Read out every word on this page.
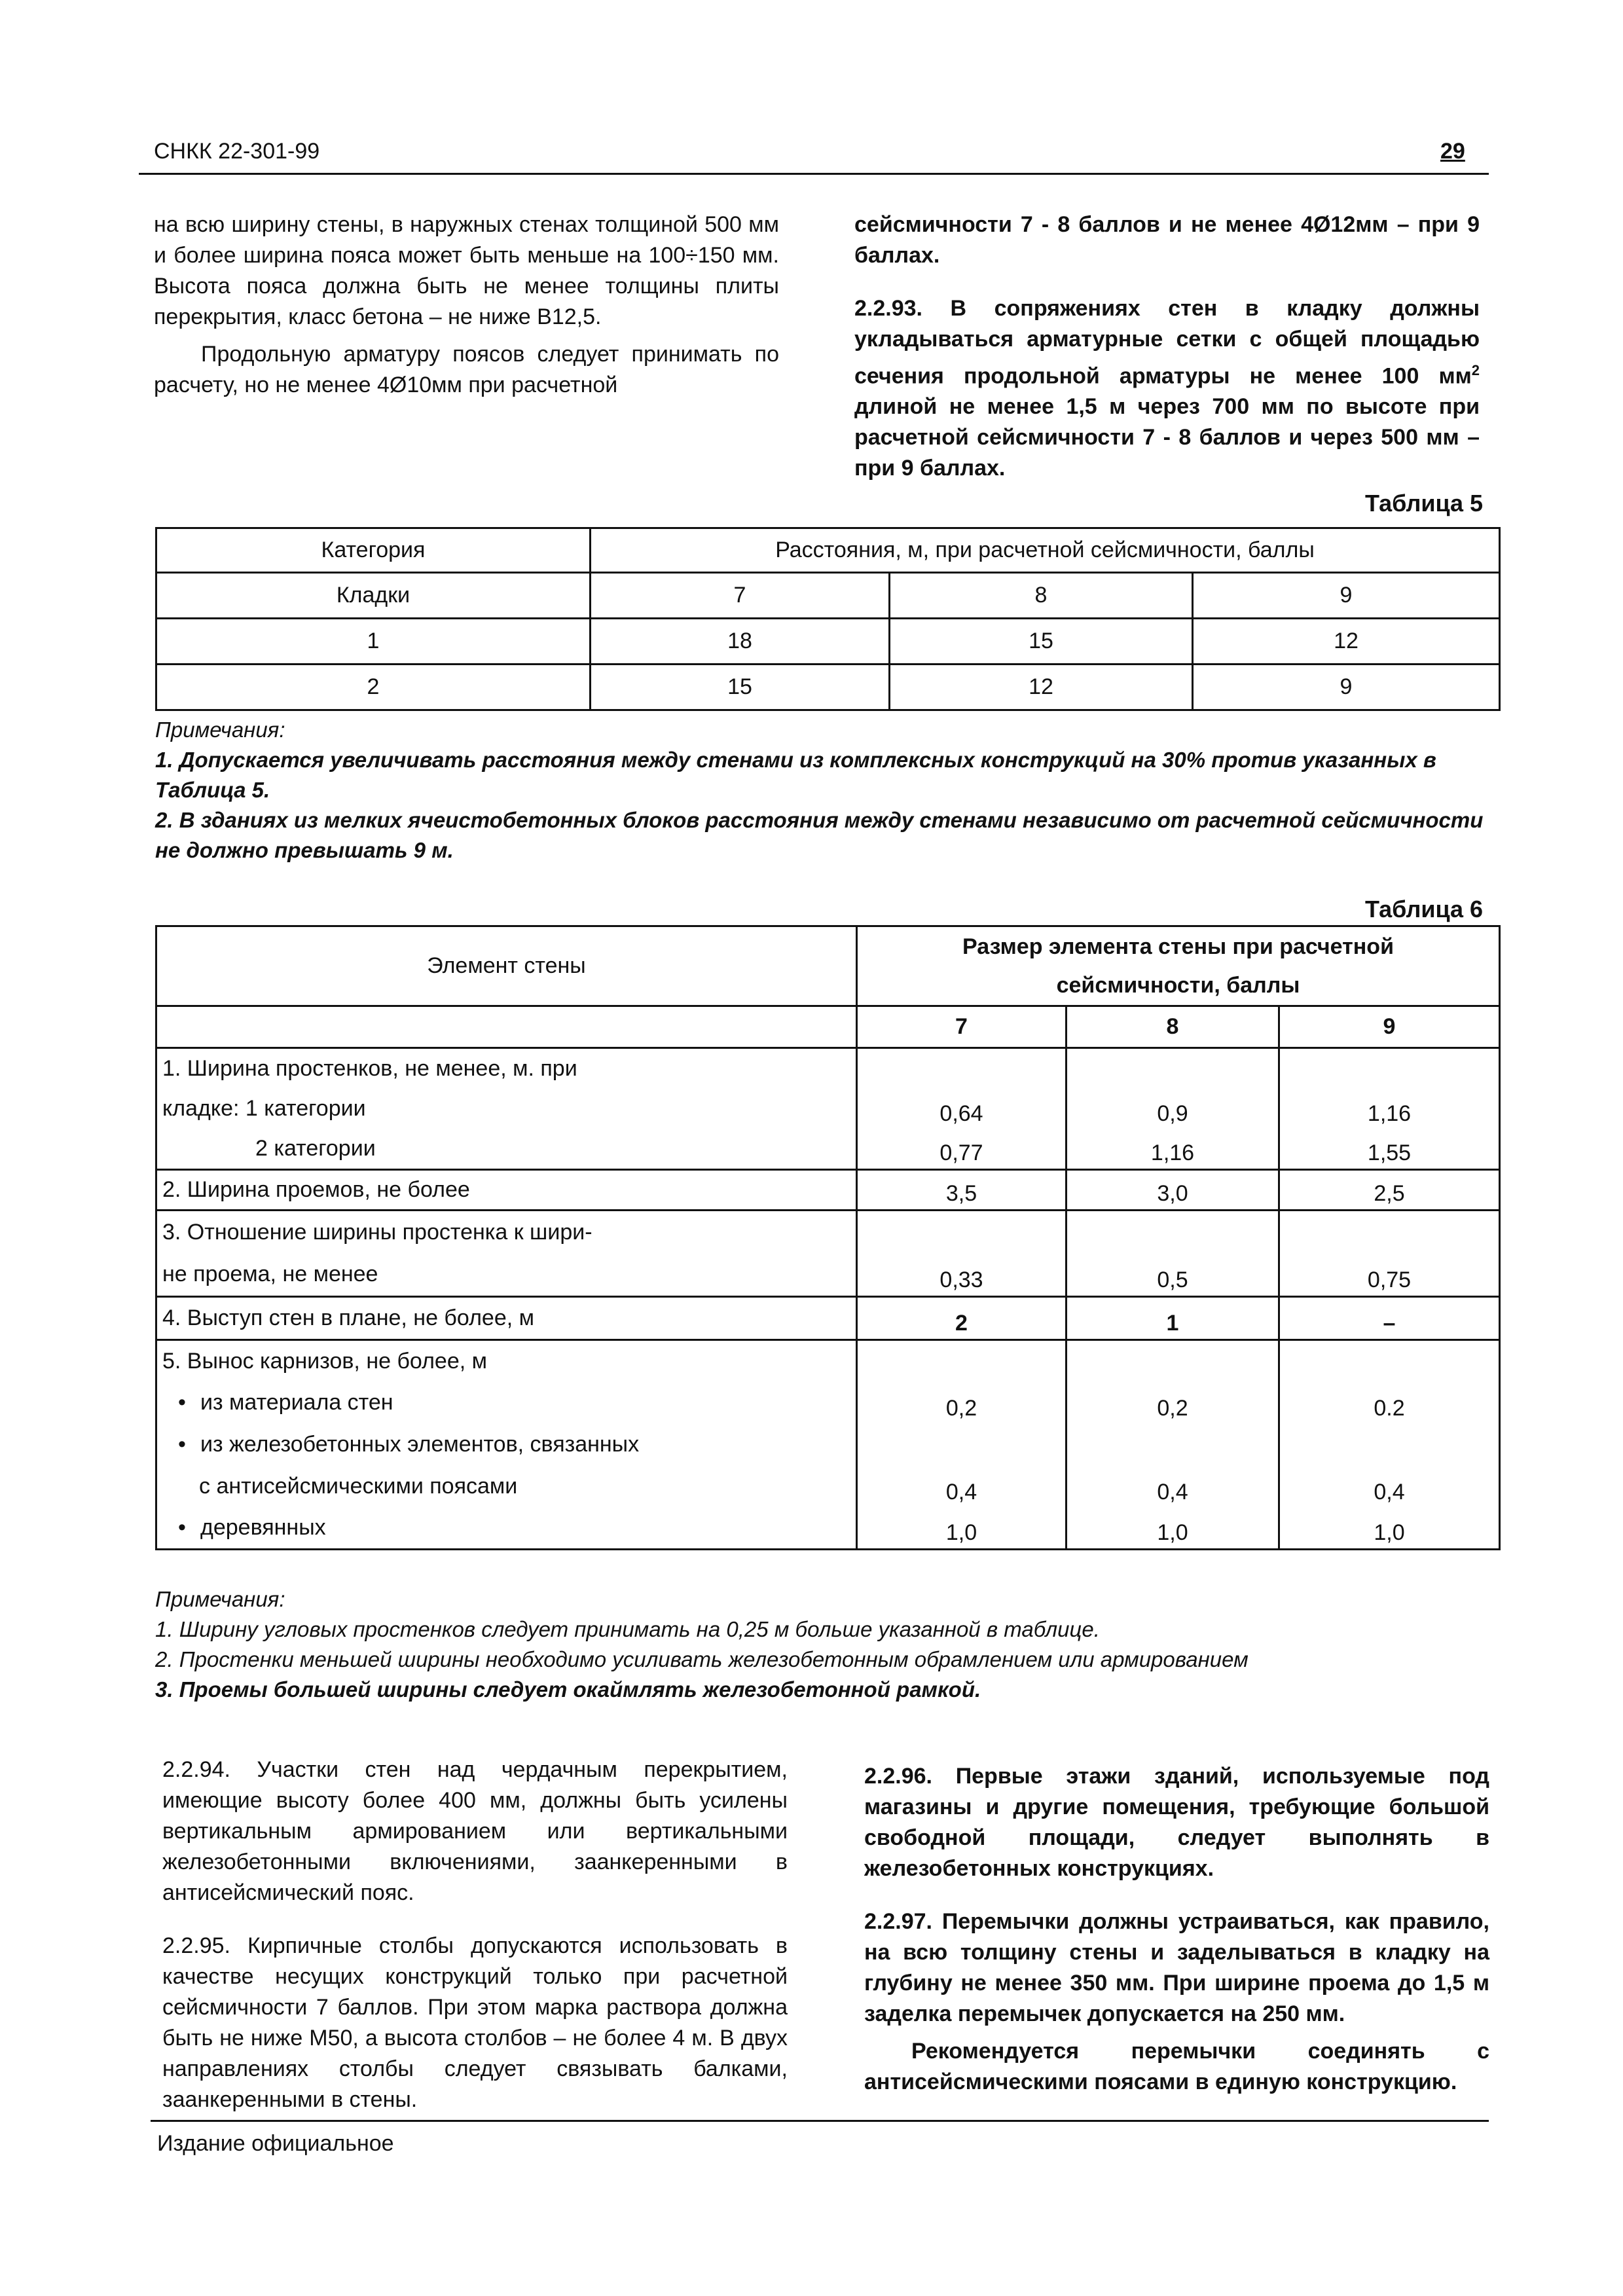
СНКК 22-301-99	29

на всю ширину стены, в наружных стенах толщиной 500 мм и более ширина пояса может быть меньше на 100÷150 мм. Высота пояса должна быть не менее толщины плиты перекрытия, класс бетона – не ниже В12,5.

Продольную арматуру поясов следует принимать по расчету, но не менее 4Ø10мм при расчетной

сейсмичности 7 - 8 баллов и не менее 4Ø12мм – при 9 баллах.

2.2.93. В сопряжениях стен в кладку должны укладываться арматурные сетки с общей площадью сечения продольной арматуры не менее 100 $мм^2$ длиной не менее 1,5 м через 700 мм по высоте при расчетной сейсмичности 7 - 8 баллов и через 500 мм – при 9 баллах.

Таблица 5
Категория	Расстояния, м, при расчетной сейсмичности, баллы		
Кладки	7	8	9
1	18	15	12
2	15	12	9
Примечания:
1. Допускается увеличивать расстояния между стенами из комплексных конструкций на 30% против указанных в Таблица 5.
2. В зданиях из мелких ячеистобетонных блоков расстояния между стенами независимо от расчетной сейсмичности не должно превышать 9 м.
Таблица 6
Элемент стены	Размер элемента стены при расчетной		
	сейсмичности, баллы		
	7	8	9
1. Ширина простенков, не менее, м. при			
кладке: 1 категории	0,64	0,9	1,16
2 категории	0,77	1,16	1,55
2. Ширина проемов, не более	3,5	3,0	2,5
3. Отношение ширины простенка к шири-			
не проема, не менее	0,33	0,5	0,75
4. Выступ стен в плане, не более, м	2	1	–
5. Вынос карнизов, не более, м			
• из материала стен	0,2	0,2	0.2
• из железобетонных элементов, связанных			
с антисейсмическими поясами	0,4	0,4	0,4
• деревянных	1,0	1,0	1,0
Примечания:
1. Ширину угловых простенков следует принимать на 0,25 м больше указанной в таблице.
2. Простенки меньшей ширины необходимо усиливать железобетонным обрамлением или армированием
3. Проемы большей ширины следует окаймлять железобетонной рамкой.

2.2.94. Участки стен над чердачным перекрытием, имеющие высоту более 400 мм, должны быть усилены вертикальным армированием или вертикальными железобетонными включениями, заанкеренными в антисейсмический пояс.

2.2.95. Кирпичные столбы допускаются использовать в качестве несущих конструкций только при расчетной сейсмичности 7 баллов. При этом марка раствора должна быть не ниже М50, а высота столбов – не более 4 м. В двух направлениях столбы следует связывать балками, заанкеренными в стены.

2.2.96. Первые этажи зданий, используемые под магазины и другие помещения, требующие большой свободной площади, следует выполнять в железобетонных конструкциях.

2.2.97. Перемычки должны устраиваться, как правило, на всю толщину стены и заделываться в кладку на глубину не менее 350 мм. При ширине проема до 1,5 м заделка перемычек допускается на 250 мм.

Рекомендуется перемычки соединять с антисейсмическими поясами в единую конструкцию.

Издание официальное
